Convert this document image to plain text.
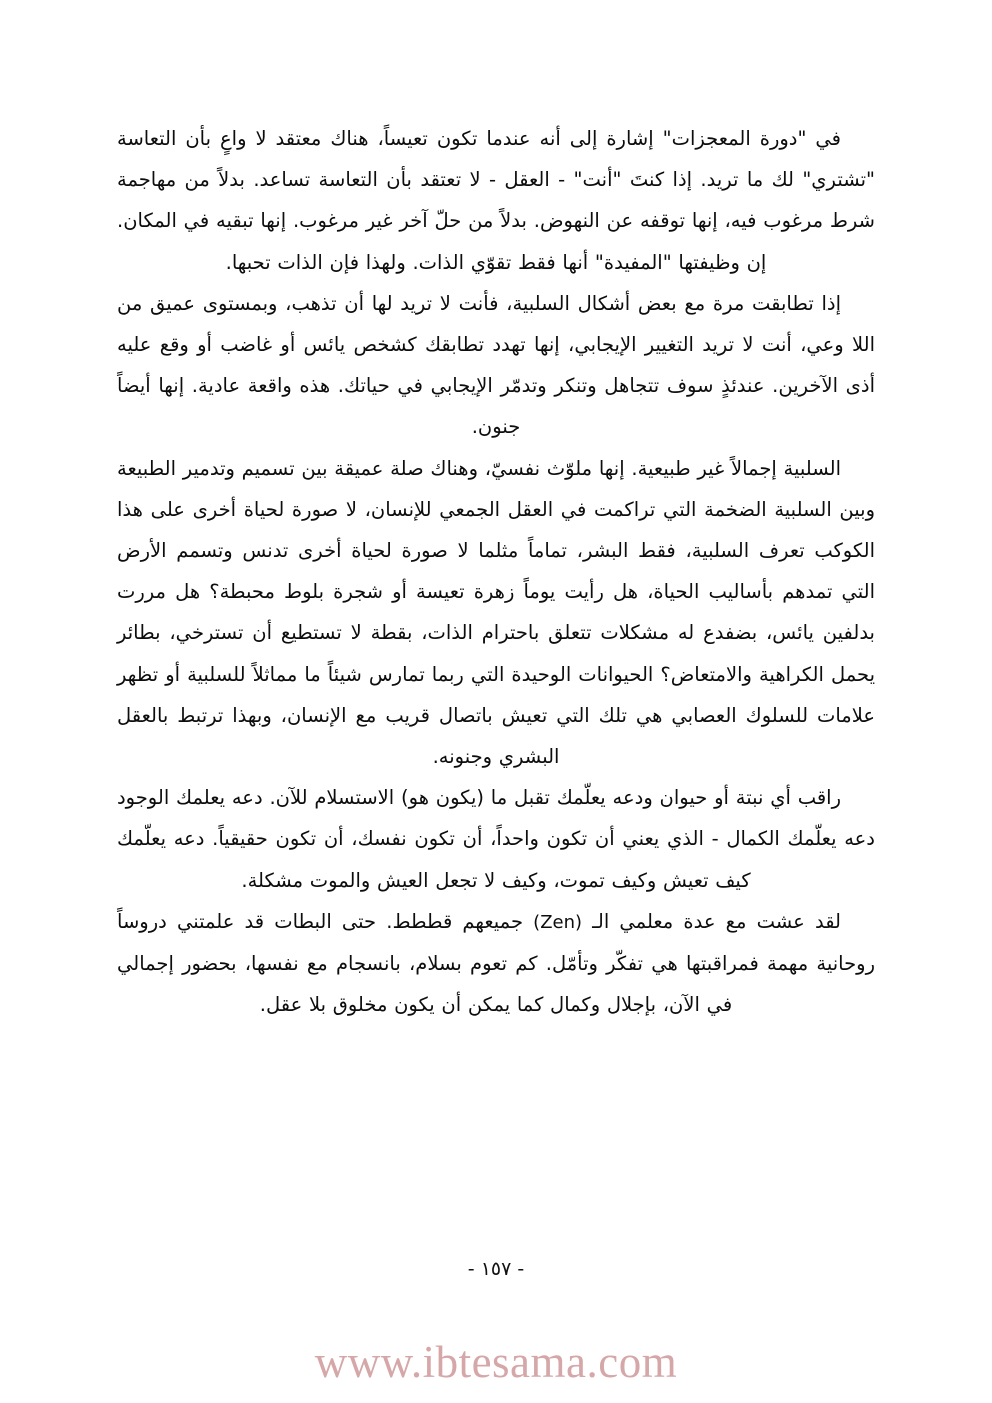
في "دورة المعجزات" إشارة إلى أنه عندما تكون تعيساً، هناك معتقد لا واعٍ بأن التعاسة "تشتري" لك ما تريد. إذا كنتَ "أنت" - العقل - لا تعتقد بأن التعاسة تساعد. بدلاً من مهاجمة شرط مرغوب فيه، إنها توقفه عن النهوض. بدلاً من حلّ آخر غير مرغوب. إنها تبقيه في المكان. إن وظيفتها "المفيدة" أنها فقط تقوّي الذات. ولهذا فإن الذات تحبها.

إذا تطابقت مرة مع بعض أشكال السلبية، فأنت لا تريد لها أن تذهب، وبمستوى عميق من اللا وعي، أنت لا تريد التغيير الإيجابي، إنها تهدد تطابقك كشخص يائس أو غاضب أو وقع عليه أذى الآخرين. عندئذٍ سوف تتجاهل وتنكر وتدمّر الإيجابي في حياتك. هذه واقعة عادية. إنها أيضاً جنون.

السلبية إجمالاً غير طبيعية. إنها ملوّث نفسيّ، وهناك صلة عميقة بين تسميم وتدمير الطبيعة وبين السلبية الضخمة التي تراكمت في العقل الجمعي للإنسان، لا صورة لحياة أخرى على هذا الكوكب تعرف السلبية، فقط البشر، تماماً مثلما لا صورة لحياة أخرى تدنس وتسمم الأرض التي تمدهم بأساليب الحياة، هل رأيت يوماً زهرة تعيسة أو شجرة بلوط محبطة؟ هل مررت بدلفين يائس، بضفدع له مشكلات تتعلق باحترام الذات، بقطة لا تستطيع أن تسترخي، بطائر يحمل الكراهية والامتعاض؟ الحيوانات الوحيدة التي ربما تمارس شيئاً ما مماثلاً للسلبية أو تظهر علامات للسلوك العصابي هي تلك التي تعيش باتصال قريب مع الإنسان، وبهذا ترتبط بالعقل البشري وجنونه.

راقب أي نبتة أو حيوان ودعه يعلّمك تقبل ما (يكون هو) الاستسلام للآن. دعه يعلمك الوجود دعه يعلّمك الكمال - الذي يعني أن تكون واحداً، أن تكون نفسك، أن تكون حقيقياً. دعه يعلّمك كيف تعيش وكيف تموت، وكيف لا تجعل العيش والموت مشكلة.

لقد عشت مع عدة معلمي الـ (Zen) جميعهم قططط. حتى البطات قد علمتني دروساً روحانية مهمة فمراقبتها هي تفكّر وتأمّل. كم تعوم بسلام، بانسجام مع نفسها، بحضور إجمالي في الآن، بإجلال وكمال كما يمكن أن يكون مخلوق بلا عقل.

- ١٥٧ -
www.ibtesama.com
